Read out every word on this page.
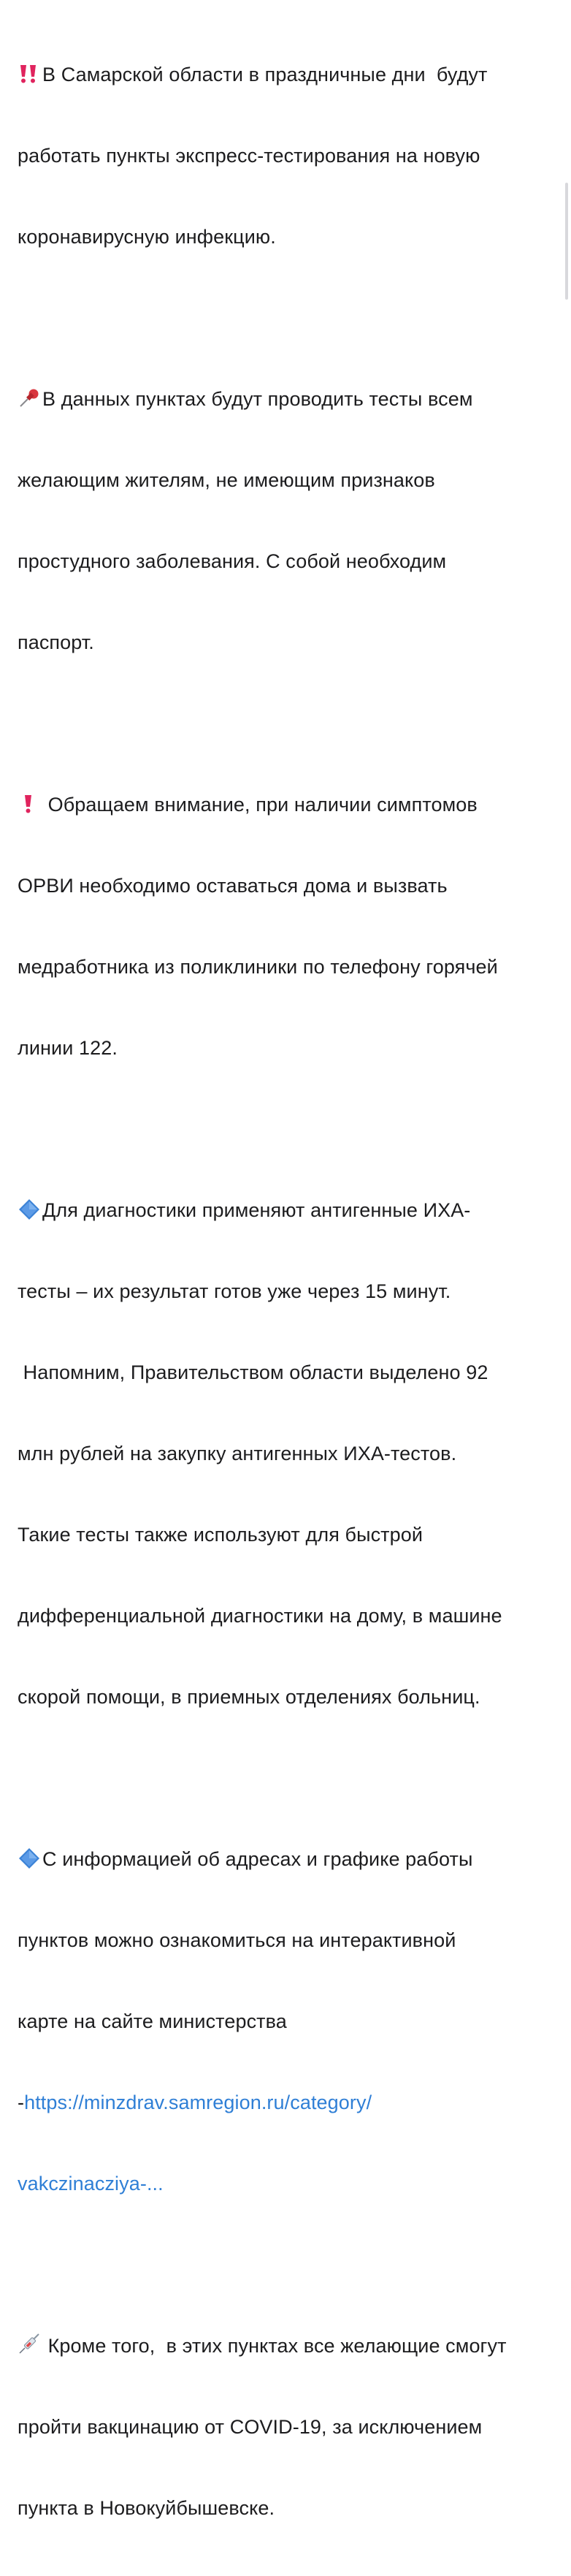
В Самарской области в праздничные дни  будут

работать пункты экспресс-тестирования на новую

коронавирусную инфекцию.

В данных пунктах будут проводить тесты всем

желающим жителям, не имеющим признаков

простудного заболевания. С собой необходим

паспорт.

Обращаем внимание, при наличии симптомов

ОРВИ необходимо оставаться дома и вызвать

медработника из поликлиники по телефону горячей

линии 122.

Для диагностики применяют антигенные ИХА-

тесты – их результат готов уже через 15 минут.

Напомним, Правительством области выделено 92

млн рублей на закупку антигенных ИХА-тестов.

Такие тесты также используют для быстрой

дифференциальной диагностики на дому, в машине

скорой помощи, в приемных отделениях больниц.

С информацией об адресах и графике работы

пунктов можно ознакомиться на интерактивной

карте на сайте министерства

-https://minzdrav.samregion.ru/category/

vakczinacziya-...

Кроме того,  в этих пунктах все желающие смогут

пройти вакцинацию от COVID-19, за исключением

пункта в Новокуйбышевске.
